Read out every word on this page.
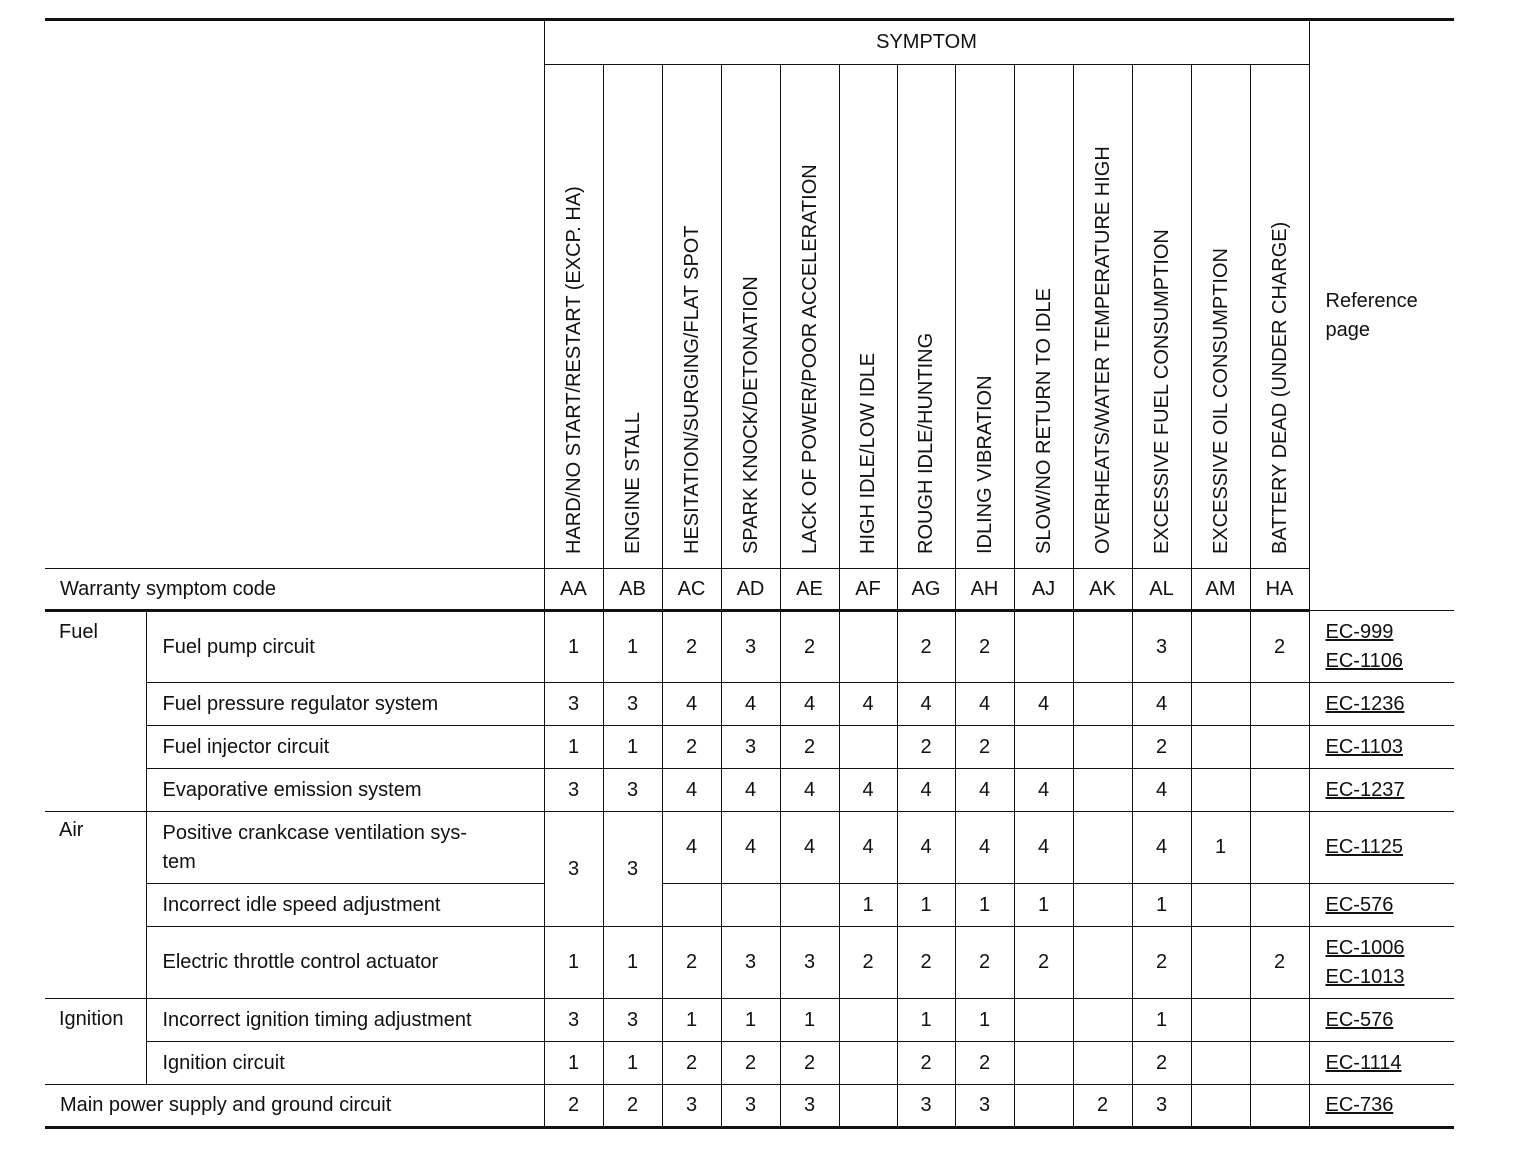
		SYMPTOM													Reference
page

		HARD/NO START/RESTART (EXCP. HA)	ENGINE STALL	HESITATION/SURGING/FLAT SPOT	SPARK KNOCK/DETONATION	LACK OF POWER/POOR ACCELERATION	HIGH IDLE/LOW IDLE	ROUGH IDLE/HUNTING	IDLING VIBRATION	SLOW/NO RETURN TO IDLE	OVERHEATS/WATER TEMPERATURE HIGH	EXCESSIVE FUEL CONSUMPTION	EXCESSIVE OIL CONSUMPTION	BATTERY DEAD (UNDER CHARGE)	

Warranty symptom code		AA	AB	AC	AD	AE	AF	AG	AH	AJ	AK	AL	AM	HA	
Fuel	Fuel pump circuit	1	1	2	3	2		2	2			3		2	EC-999
EC-1106

	Fuel pressure regulator system	3	3	4	4	4	4	4	4	4		4			EC-1236

	Fuel injector circuit	1	1	2	3	2		2	2			2			EC-1103

	Evaporative emission system	3	3	4	4	4	4	4	4	4		4			EC-1237

Air	Positive crankcase ventilation sys-
tem	3	3	4	4	4	4	4	4	4		4	1		EC-1125

	Incorrect idle speed adjustment						1	1	1	1		1			EC-576

	Electric throttle control actuator	1	1	2	3	3	2	2	2	2		2		2	EC-1006
EC-1013

Ignition	Incorrect ignition timing adjustment	3	3	1	1	1		1	1			1			EC-576

	Ignition circuit	1	1	2	2	2		2	2			2			EC-1114

Main power supply and ground circuit		2	2	3	3	3		3	3		2	3			EC-736
